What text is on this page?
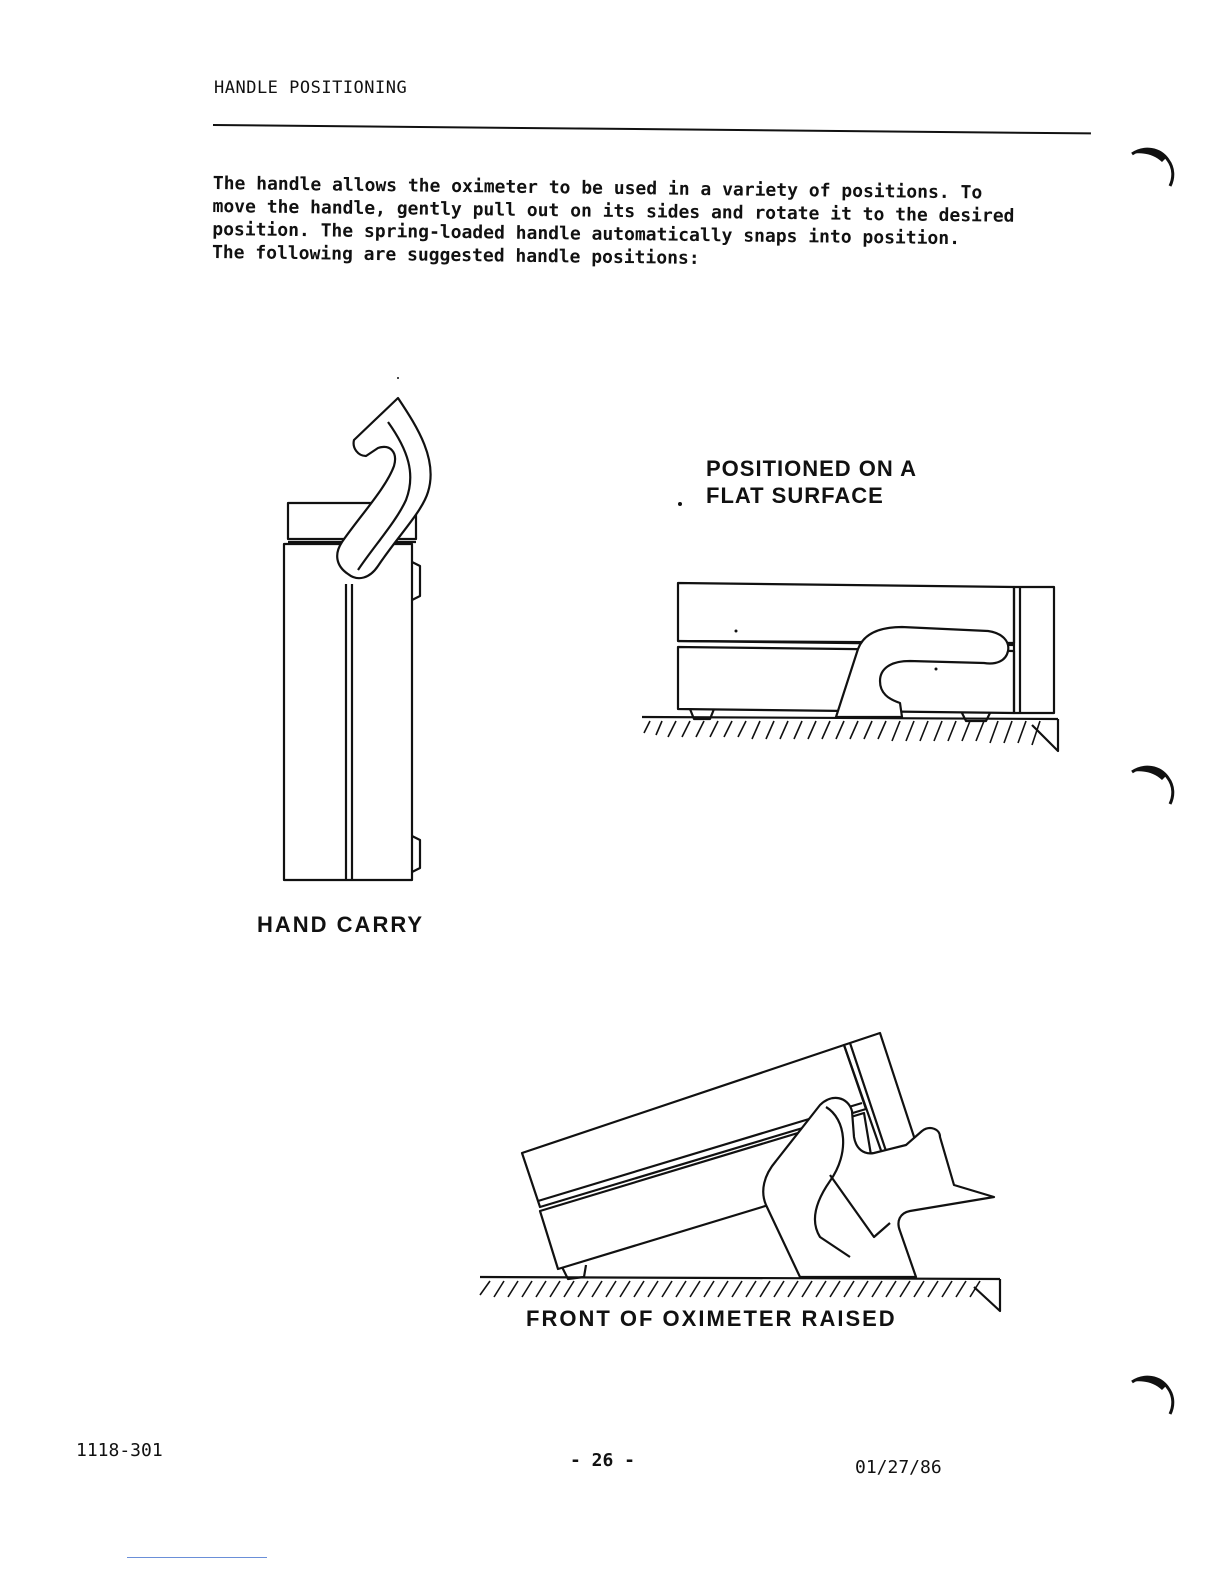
HANDLE POSITIONING
The handle allows the oximeter to be used in a variety of positions. To
move the handle, gently pull out on its sides and rotate it to the desired
position. The spring-loaded handle automatically snaps into position.
The following are suggested handle positions:
HAND CARRY
POSITIONED ON A
FLAT SURFACE
FRONT OF OXIMETER RAISED
1118-301	- 26 -	01/27/86
